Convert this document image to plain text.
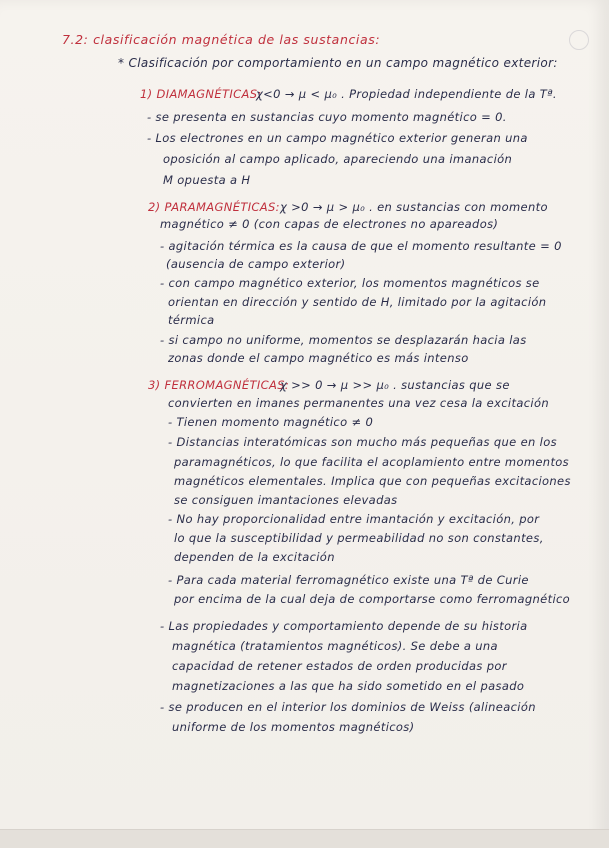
7.2: clasificación magnética de las sustancias:
* Clasificación por comportamiento en un campo magnético exterior:
1) DIAMAGNÉTICAS:
χ<0 → μ < μ₀ . Propiedad independiente de la Tª.
- se presenta en sustancias cuyo momento magnético = 0.
- Los electrones en un campo magnético exterior generan una
oposición al campo aplicado, apareciendo una imanación
M opuesta a H
2) PARAMAGNÉTICAS: χ >0 → μ > μ₀ . en sustancias con momento
magnético ≠ 0 (con capas de electrones no apareados)
- agitación térmica es la causa de que el momento resultante = 0
(ausencia de campo exterior)
- con campo magnético exterior, los momentos magnéticos se
orientan en dirección y sentido de H, limitado por la agitación
térmica
- si campo no uniforme, momentos se desplazarán hacia las
zonas donde el campo magnético es más intenso
3) FERROMAGNÉTICAS:
χ >> 0 → μ >> μ₀ . sustancias que se
convierten en imanes permanentes una vez cesa la excitación
- Tienen momento magnético ≠ 0
- Distancias interatómicas son mucho más pequeñas que en los
paramagnéticos, lo que facilita el acoplamiento entre momentos
magnéticos elementales. Implica que con pequeñas excitaciones
se consiguen imantaciones elevadas
- No hay proporcionalidad entre imantación y excitación, por
lo que la susceptibilidad y permeabilidad no son constantes,
dependen de la excitación
- Para cada material ferromagnético existe una Tª de Curie
por encima de la cual deja de comportarse como ferromagnético
- Las propiedades y comportamiento depende de su historia
magnética (tratamientos magnéticos). Se debe a una
capacidad de retener estados de orden producidas por
magnetizaciones a las que ha sido sometido en el pasado
- se producen en el interior los dominios de Weiss (alineación
uniforme de los momentos magnéticos)
